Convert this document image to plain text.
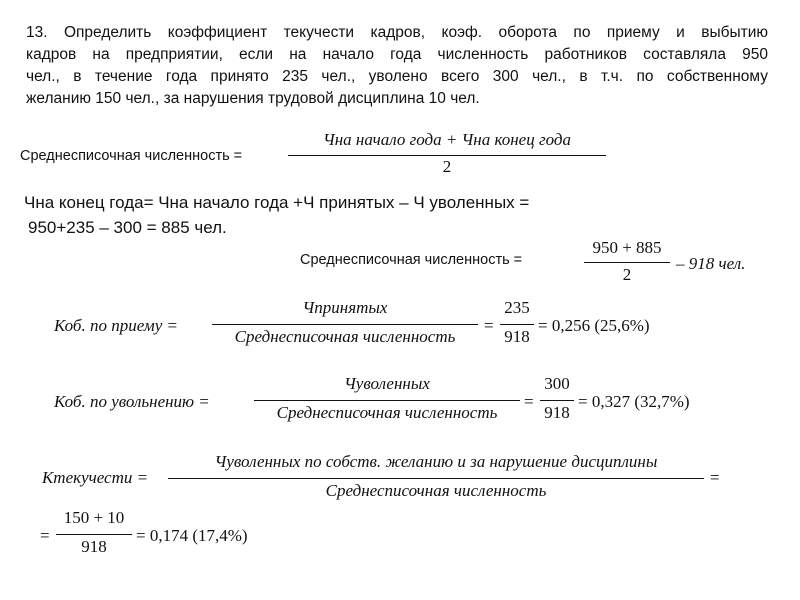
13. Определить коэффициент текучести кадров, коэф. оборота по приему и выбытию
кадров на предприятии, если на начало года численность работников составляла 950
чел., в течение года принято 235 чел., уволено всего 300 чел., в т.ч. по собственному
желанию 150 чел., за нарушения трудовой дисциплина 10 чел.
Среднесписочная численность =
Чна начало года + Чна конец года
2
Чна конец года= Чна начало года +Ч принятых – Ч уволенных =
950+235 – 300 = 885 чел.
Среднесписочная численность =
950 + 885
2
– 918 чел.
Коб. по приему =
Чпринятых
Среднесписочная численность
=
235
918
= 0,256 (25,6%)
Коб. по увольнению =
Чуволенных
Среднесписочная численность
=
300
918
= 0,327 (32,7%)
Ктекучести =
Чуволенных по собств. желанию и за нарушение дисциплины
Среднесписочная численность
=
=
150 + 10
918
= 0,174 (17,4%)
